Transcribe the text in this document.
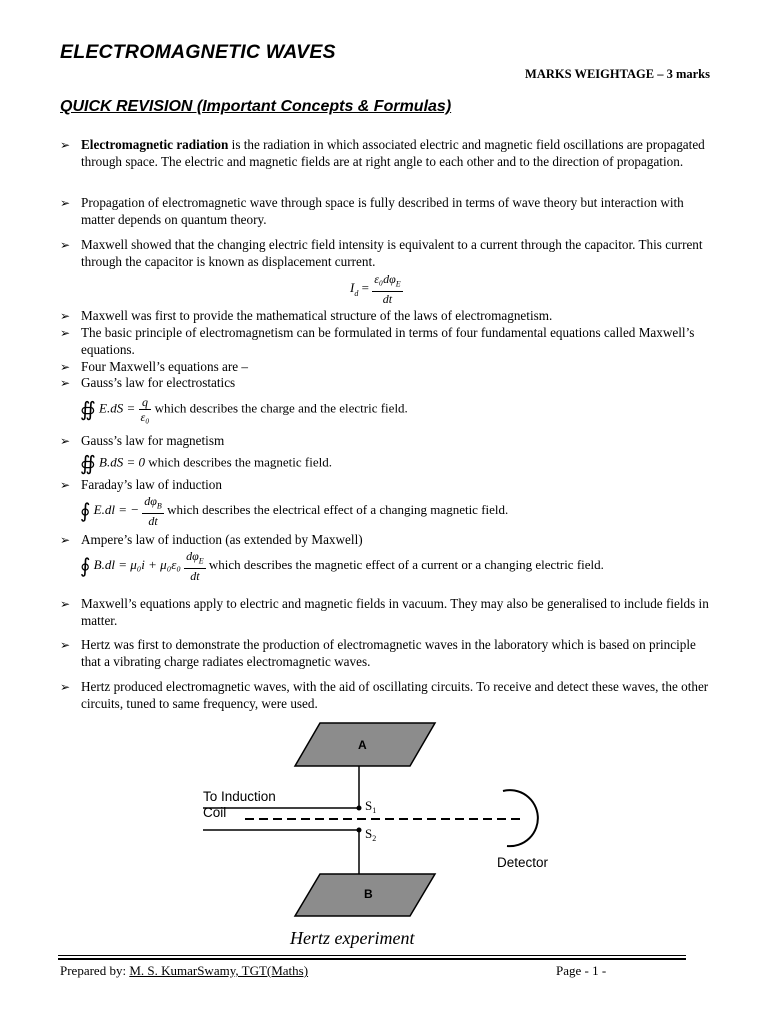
ELECTROMAGNETIC WAVES
MARKS WEIGHTAGE – 3 marks
QUICK REVISION (Important Concepts & Formulas)
➢ Electromagnetic radiation is the radiation in which associated electric and magnetic field oscillations are propagated through space. The electric and magnetic fields are at right angle to each other and to the direction of propagation.
➢ Propagation of electromagnetic wave through space is fully described in terms of wave theory but interaction with matter depends on quantum theory.
➢ Maxwell showed that the changing electric field intensity is equivalent to a current through the capacitor. This current through the capacitor is known as displacement current.
$I_d = \frac{\varepsilon_0d\varphi_E}{dt}$
➢ Maxwell was first to provide the mathematical structure of the laws of electromagnetism.
➢ The basic principle of electromagnetism can be formulated in terms of four fundamental equations called Maxwell’s equations.
➢ Four Maxwell’s equations are –
➢ Gauss’s law for electrostatics
∯ $E.dS = \frac{q}{\text{ε₀}}$ which describes the charge and the electric field.
➢ Gauss’s law for magnetism
∯ B.dS = 0 which describes the magnetic field.
➢ Faraday’s law of induction
∮ E.dl = − $\frac{d\varphi_B}{dt}$ which describes the electrical effect of a changing magnetic field.
➢ Ampere’s law of induction (as extended by Maxwell)
∮ $B.dl = \mu_0i + \mu_0\varepsilon_0 \frac{d\varphi_E}{dt}$ which describes the magnetic effect of a current or a changing electric field.
➢ Maxwell’s equations apply to electric and magnetic fields in vacuum. They may also be generalised to include fields in matter.
➢ Hertz was first to demonstrate the production of electromagnetic waves in the laboratory which is based on principle that a vibrating charge radiates electromagnetic waves.
➢ Hertz produced electromagnetic waves, with the aid of oscillating circuits. To receive and detect these waves, the other circuits, tuned to same frequency, were used.
A
To Induction
Coil	$S_1$
$S_2$
Detector
B
Hertz experiment
Prepared by: M. S. KumarSwamy, TGT(Maths)	Page - 1 -
